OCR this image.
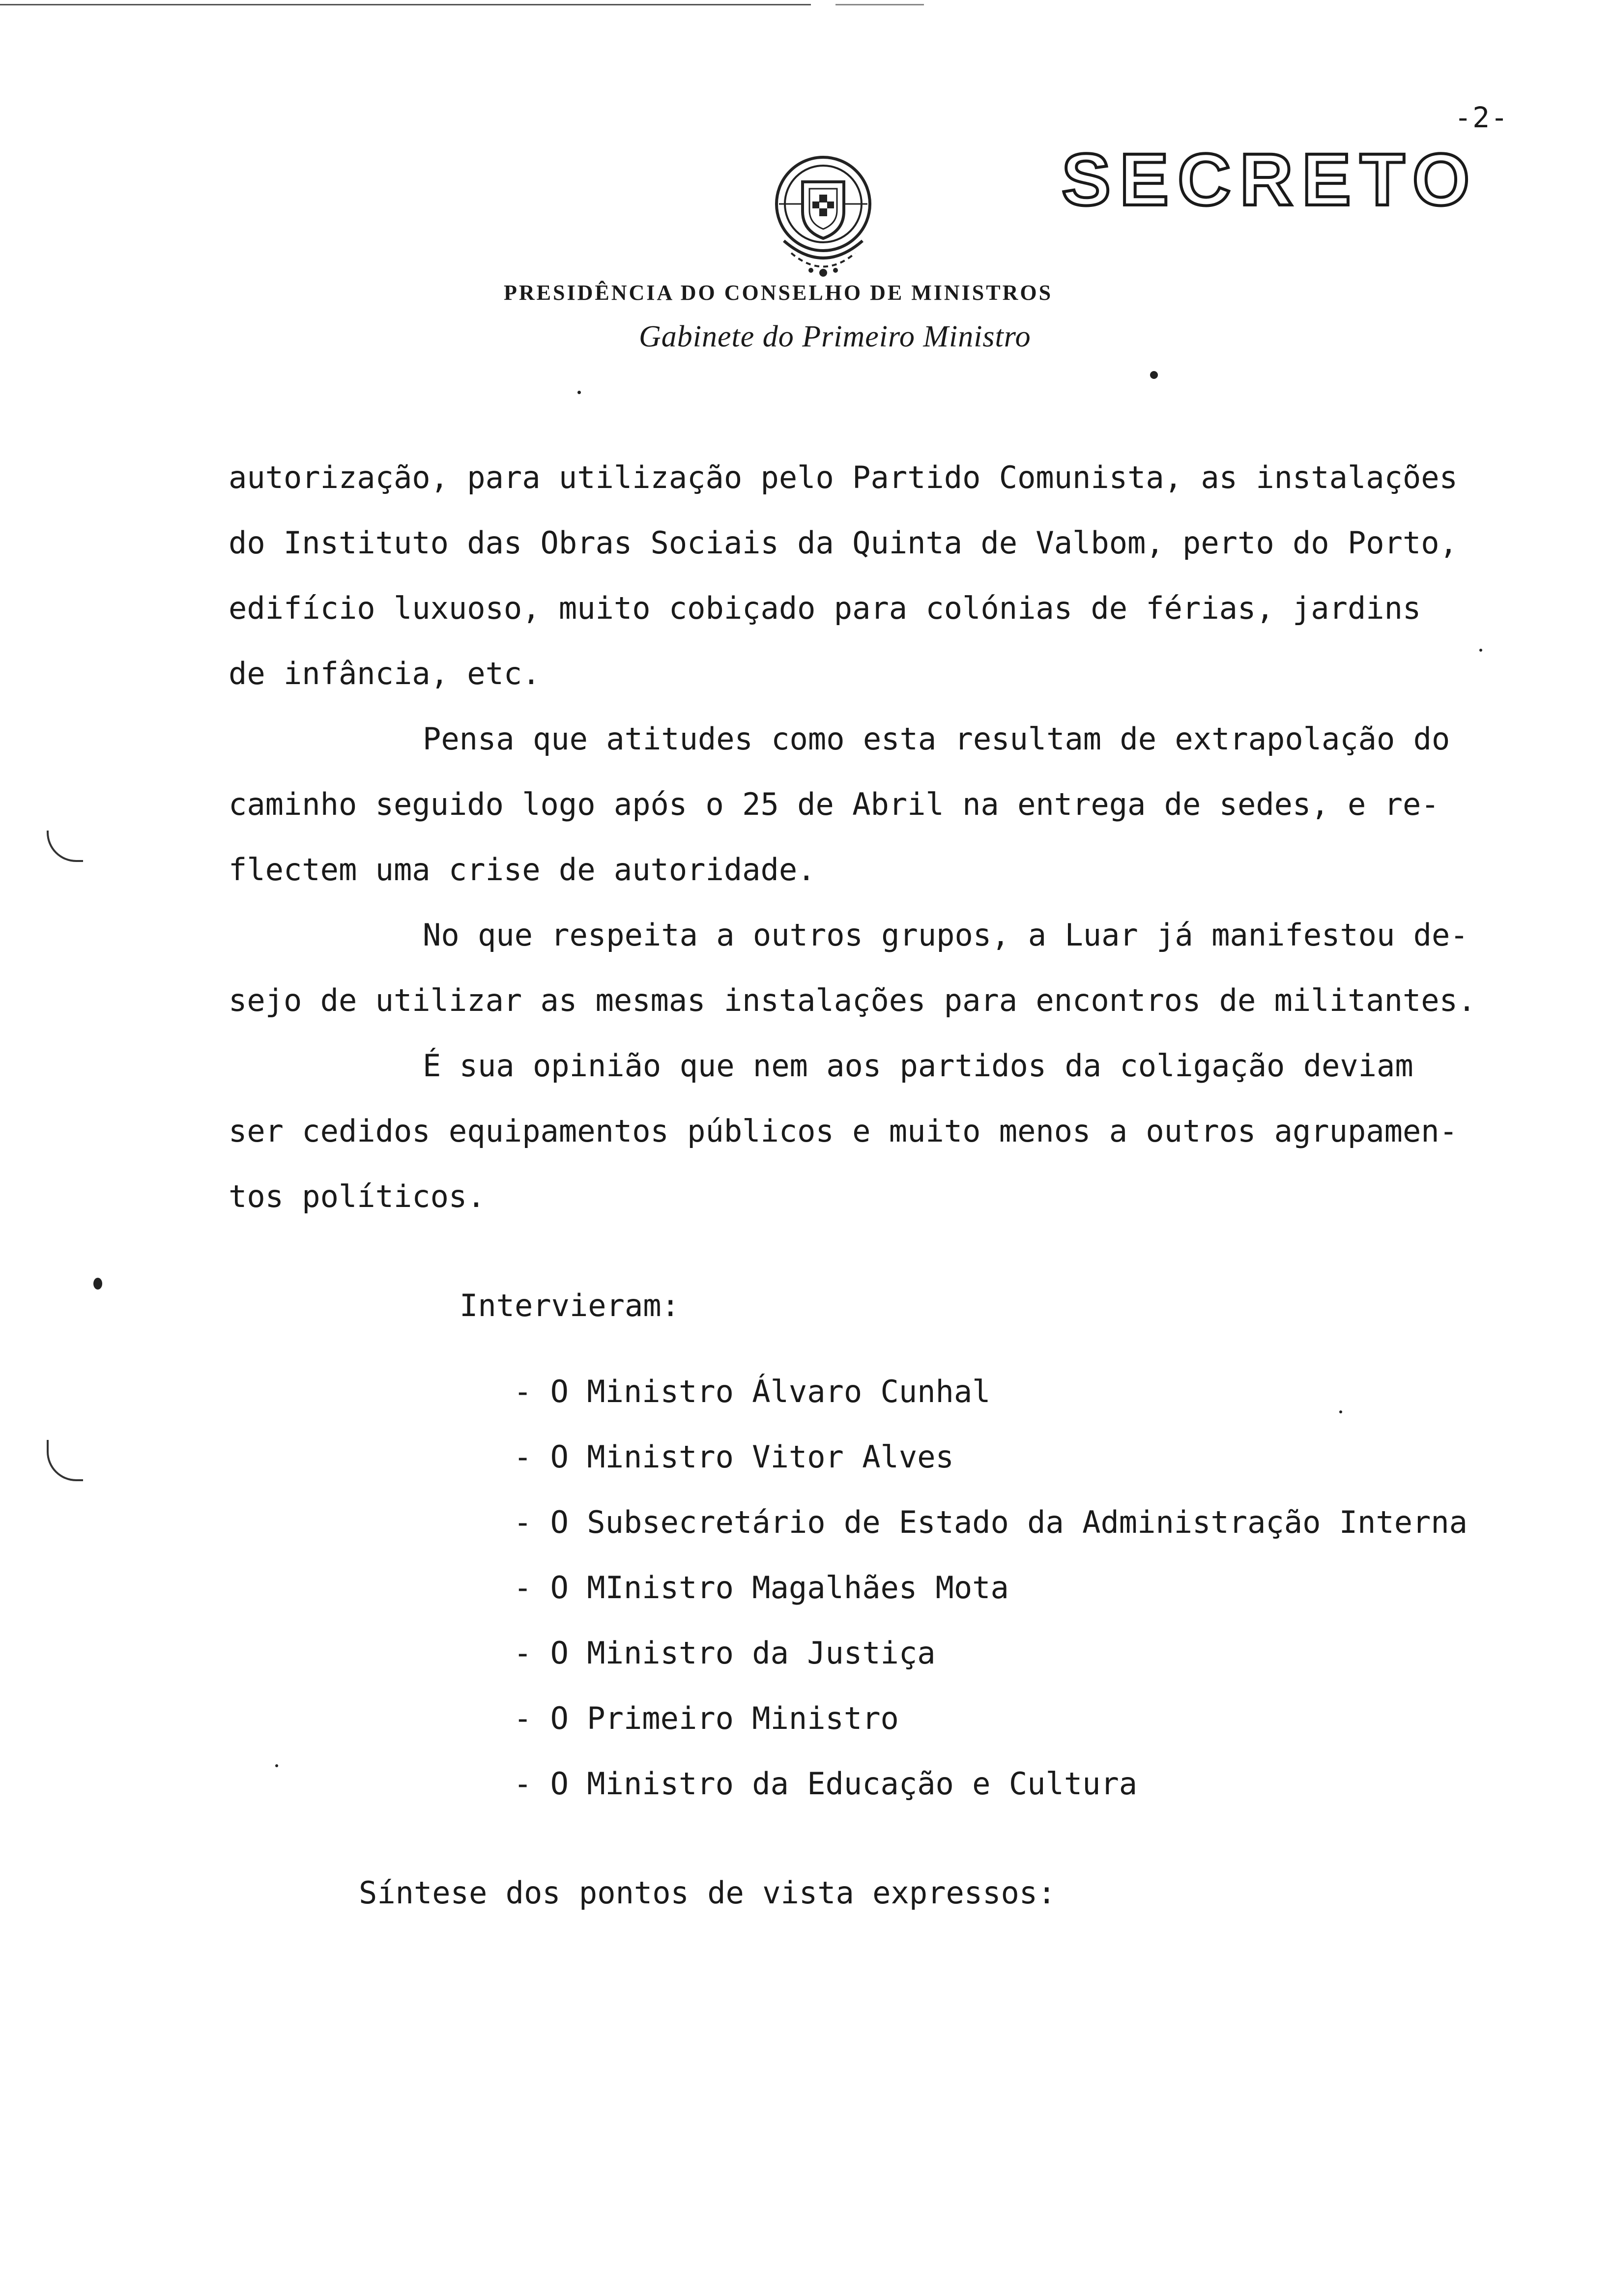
-2-
SECRETO
PRESIDÊNCIA DO CONSELHO DE MINISTROS
Gabinete do Primeiro Ministro

autorização, para utilização pelo Partido Comunista, as instalações

do Instituto das Obras Sociais da Quinta de Valbom, perto do Porto,

edifício luxuoso, muito cobiçado para colónias de férias, jardins

de infância, etc.

Pensa que atitudes como esta resultam de extrapolação do

caminho seguido logo após o 25 de Abril na entrega de sedes, e re-

flectem uma crise de autoridade.

No que respeita a outros grupos, a Luar já manifestou de-

sejo de utilizar as mesmas instalações para encontros de militantes.

É sua opinião que nem aos partidos da coligação deviam

ser cedidos equipamentos públicos e muito menos a outros agrupamen-

tos políticos.

Intervieram:
- O Ministro Álvaro Cunhal
- O Ministro Vitor Alves
- O Subsecretário de Estado da Administração Interna
- O MInistro Magalhães Mota
- O Ministro da Justiça
- O Primeiro Ministro
- O Ministro da Educação e Cultura
Síntese dos pontos de vista expressos:
